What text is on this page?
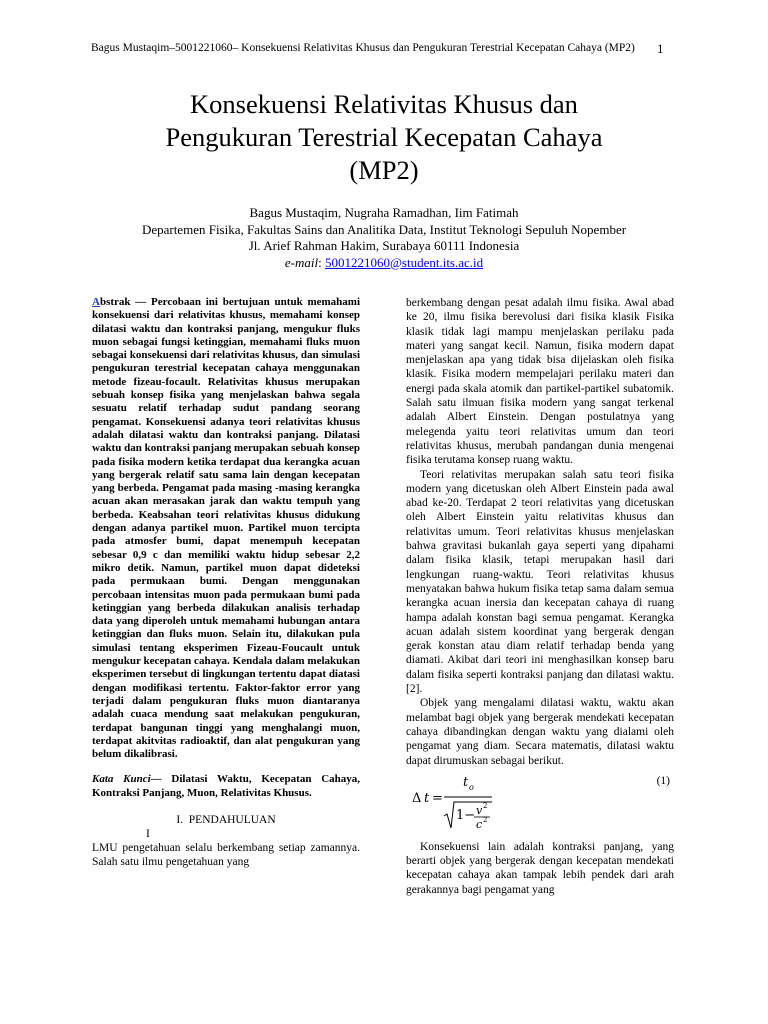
Bagus Mustaqim–5001221060– Konsekuensi Relativitas Khusus dan Pengukuran Terestrial Kecepatan Cahaya (MP2) 1
Konsekuensi Relativitas Khusus dan
Pengukuran Terestrial Kecepatan Cahaya
(MP2)
Bagus Mustaqim, Nugraha Ramadhan, Iim Fatimah
Departemen Fisika, Fakultas Sains dan Analitika Data, Institut Teknologi Sepuluh Nopember
Jl. Arief Rahman Hakim, Surabaya 60111 Indonesia
e-mail: 5001221060@student.its.ac.id

Abstrak — Percobaan ini bertujuan untuk memahami konsekuensi dari relativitas khusus, memahami konsep dilatasi waktu dan kontraksi panjang, mengukur fluks muon sebagai fungsi ketinggian, memahami fluks muon sebagai konsekuensi dari relativitas khusus, dan simulasi pengukuran terestrial kecepatan cahaya menggunakan metode fizeau-focault. Relativitas khusus merupakan sebuah konsep fisika yang menjelaskan bahwa segala sesuatu relatif terhadap sudut pandang seorang pengamat. Konsekuensi adanya teori relativitas khusus adalah dilatasi waktu dan kontraksi panjang. Dilatasi waktu dan kontraksi panjang merupakan sebuah konsep pada fisika modern ketika terdapat dua kerangka acuan yang bergerak relatif satu sama lain dengan kecepatan yang berbeda. Pengamat pada masing -masing kerangka acuan akan merasakan jarak dan waktu tempuh yang berbeda. Keabsahan teori relativitas khusus didukung dengan adanya partikel muon. Partikel muon tercipta pada atmosfer bumi, dapat menempuh kecepatan sebesar 0,9 c dan memiliki waktu hidup sebesar 2,2 mikro detik. Namun, partikel muon dapat dideteksi pada permukaan bumi. Dengan menggunakan percobaan intensitas muon pada permukaan bumi pada ketinggian yang berbeda dilakukan analisis terhadap data yang diperoleh untuk memahami hubungan antara ketinggian dan fluks muon. Selain itu, dilakukan pula simulasi tentang eksperimen Fizeau-Foucault untuk mengukur kecepatan cahaya. Kendala dalam melakukan eksperimen tersebut di lingkungan tertentu dapat diatasi dengan modifikasi tertentu. Faktor-faktor error yang terjadi dalam pengukuran fluks muon diantaranya adalah cuaca mendung saat melakukan pengukuran, terdapat bangunan tinggi yang menghalangi muon, terdapat akitvitas radioaktif, dan alat pengukuran yang belum dikalibrasi.

Kata Kunci— Dilatasi Waktu, Kecepatan Cahaya, Kontraksi Panjang, Muon, Relativitas Khusus.

I. PENDAHULUAN

I

LMU pengetahuan selalu berkembang setiap zamannya. Salah satu ilmu pengetahuan yang

berkembang dengan pesat adalah ilmu fisika. Awal abad ke 20, ilmu fisika berevolusi dari fisika klasik Fisika klasik tidak lagi mampu menjelaskan perilaku pada materi yang sangat kecil. Namun, fisika modern dapat menjelaskan apa yang tidak bisa dijelaskan oleh fisika klasik. Fisika modern mempelajari perilaku materi dan energi pada skala atomik dan partikel-partikel subatomik. Salah satu ilmuan fisika modern yang sangat terkenal adalah Albert Einstein. Dengan postulatnya yang melegenda yaitu teori relativitas umum dan teori relativitas khusus, merubah pandangan dunia mengenai fisika terutama konsep ruang waktu.

Teori relativitas merupakan salah satu teori fisika modern yang dicetuskan oleh Albert Einstein pada awal abad ke-20. Terdapat 2 teori relativitas yang dicetuskan oleh Albert Einstein yaitu relativitas khusus dan relativitas umum. Teori relativitas khusus menjelaskan bahwa gravitasi bukanlah gaya seperti yang dipahami dalam fisika klasik, tetapi merupakan hasil dari lengkungan ruang-waktu. Teori relativitas khusus menyatakan bahwa hukum fisika tetap sama dalam semua kerangka acuan inersia dan kecepatan cahaya di ruang hampa adalah konstan bagi semua pengamat. Kerangka acuan adalah sistem koordinat yang bergerak dengan gerak konstan atau diam relatif terhadap benda yang diamati. Akibat dari teori ini menghasilkan konsep baru dalam fisika seperti kontraksi panjang dan dilatasi waktu. [2].

Objek yang mengalami dilatasi waktu, waktu akan melambat bagi objek yang bergerak mendekati kecepatan cahaya dibandingkan dengan waktu yang dialami oleh pengamat yang diam. Secara matematis, dilatasi waktu dapat dirumuskan sebagai berikut.

Δ t =
t o
1− v 2
c 2
(1)

Konsekuensi lain adalah kontraksi panjang, yang berarti objek yang bergerak dengan kecepatan mendekati kecepatan cahaya akan tampak lebih pendek dari arah gerakannya bagi pengamat yang
